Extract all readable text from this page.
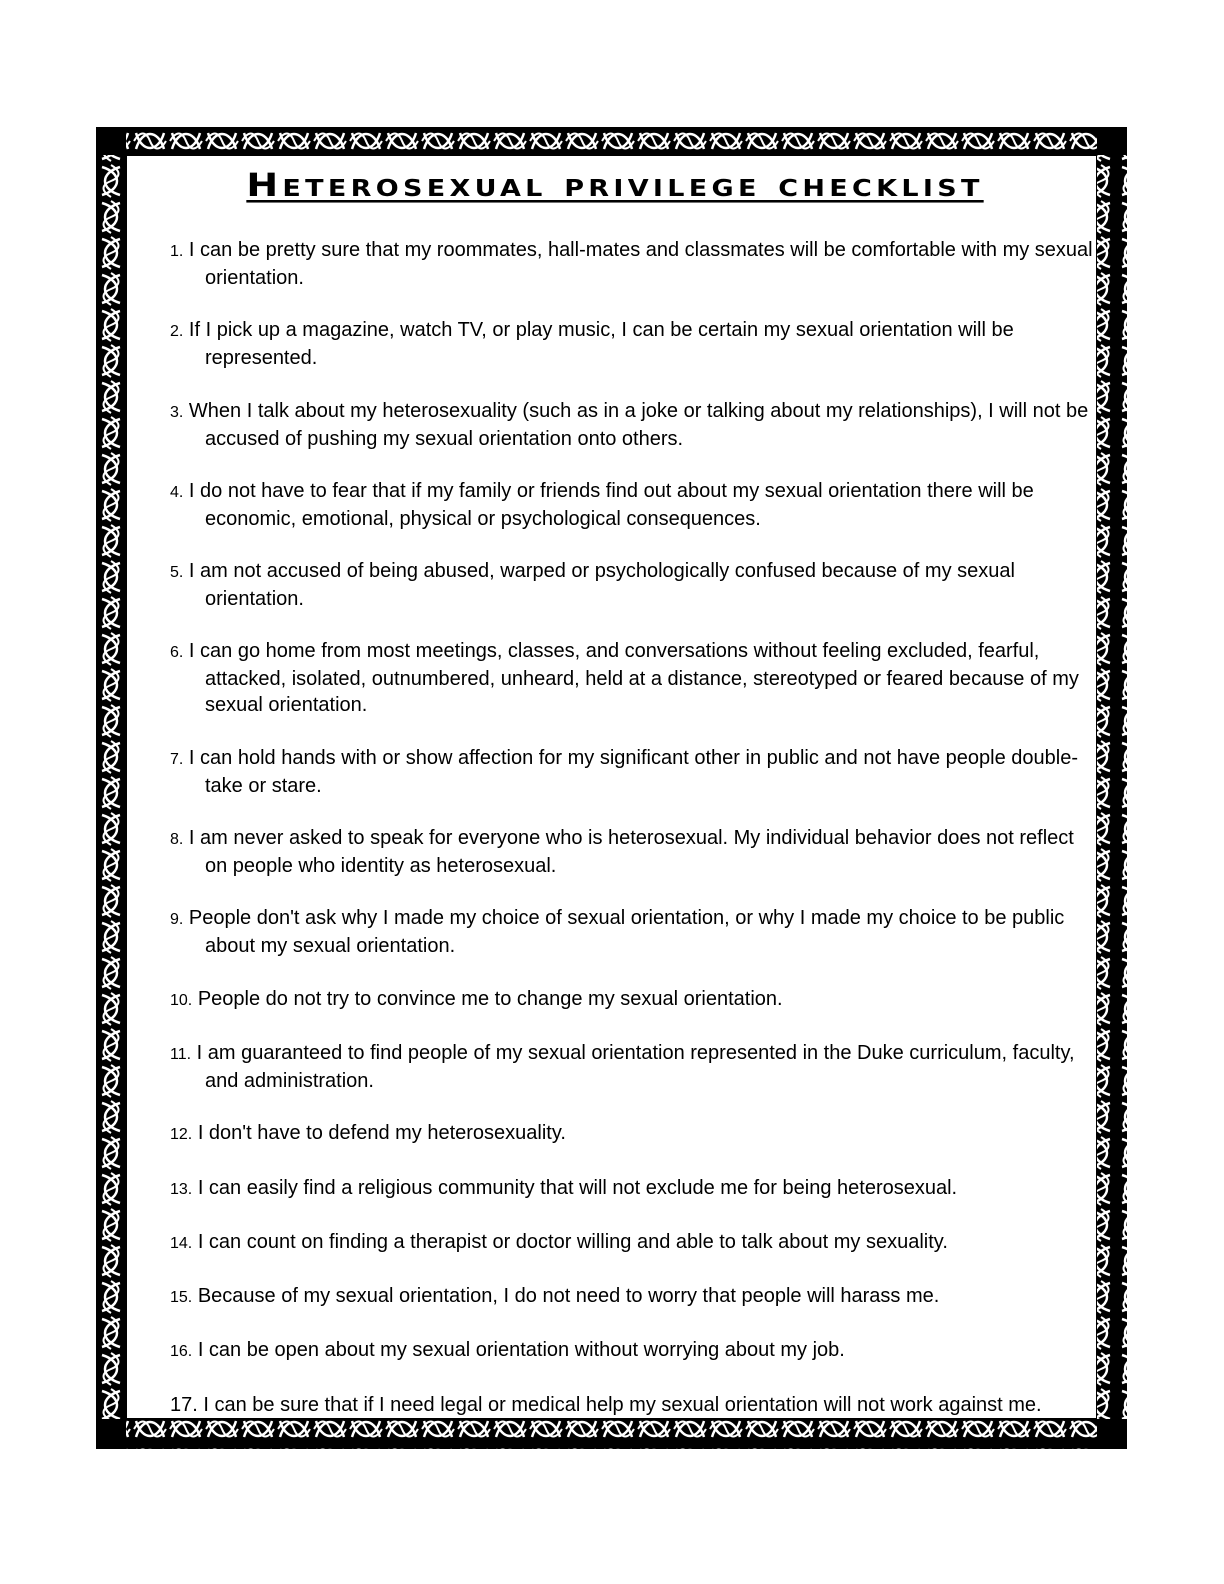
Heterosexual privilege checklist
1. I can be pretty sure that my roommates, hall-mates and classmates will be comfortable with my sexual orientation.
2. If I pick up a magazine, watch TV, or play music, I can be certain my sexual orientation will be represented.
3. When I talk about my heterosexuality (such as in a joke or talking about my relationships), I will not be accused of pushing my sexual orientation onto others.
4. I do not have to fear that if my family or friends find out about my sexual orientation there will be economic, emotional, physical or psychological consequences.
5. I am not accused of being abused, warped or psychologically confused because of my sexual orientation.
6. I can go home from most meetings, classes, and conversations without feeling excluded, fearful, attacked, isolated, outnumbered, unheard, held at a distance, stereotyped or feared because of my sexual orientation.
7. I can hold hands with or show affection for my significant other in public and not have people double-take or stare.
8. I am never asked to speak for everyone who is heterosexual. My individual behavior does not reflect on people who identity as heterosexual.
9. People don't ask why I made my choice of sexual orientation, or why I made my choice to be public about my sexual orientation.
10. People do not try to convince me to change my sexual orientation.
11. I am guaranteed to find people of my sexual orientation represented in the Duke curriculum, faculty, and administration.
12. I don't have to defend my heterosexuality.
13. I can easily find a religious community that will not exclude me for being heterosexual.
14. I can count on finding a therapist or doctor willing and able to talk about my sexuality.
15. Because of my sexual orientation, I do not need to worry that people will harass me.
16. I can be open about my sexual orientation without worrying about my job.
17. I can be sure that if I need legal or medical help my sexual orientation will not work against me.
